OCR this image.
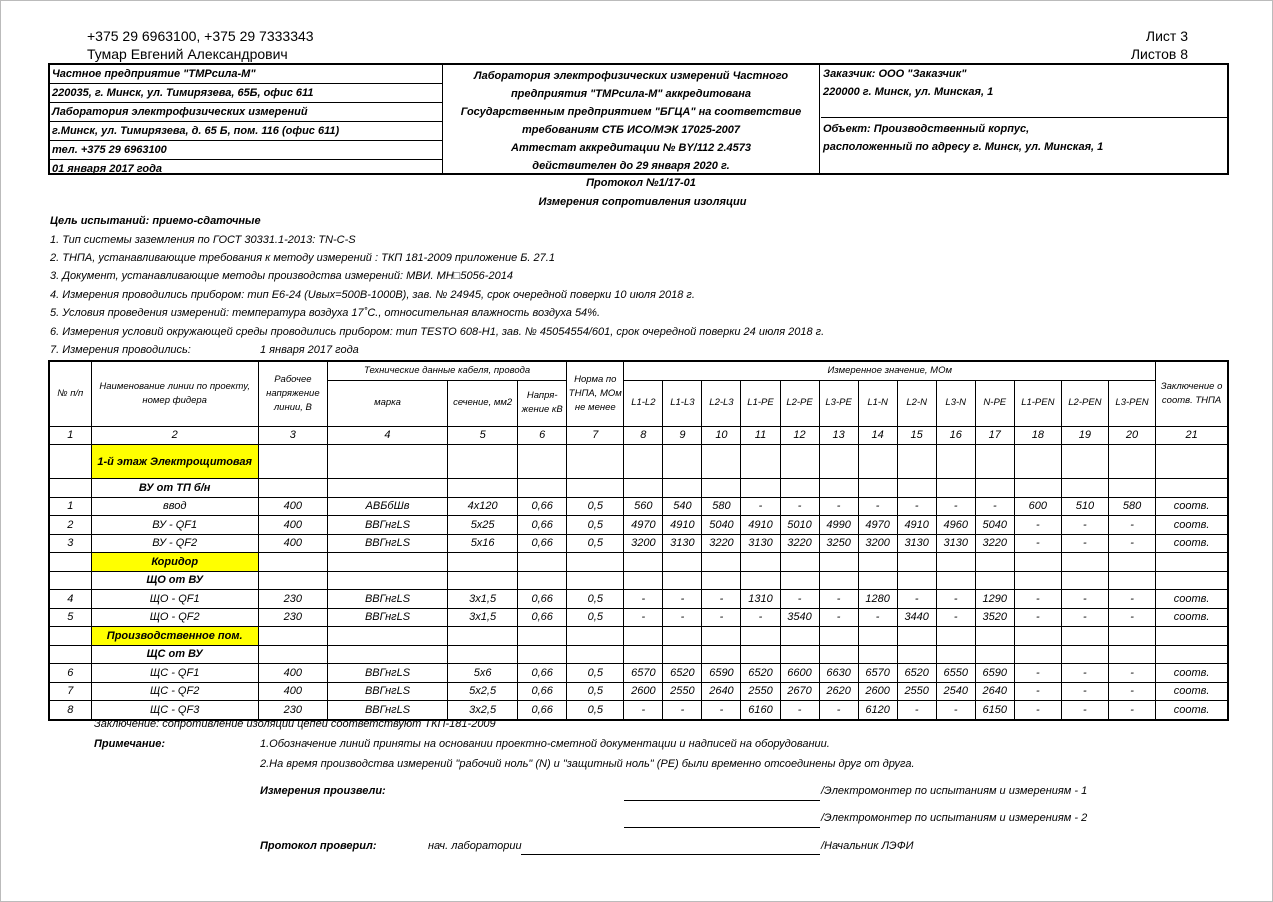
+375 29 6963100, +375 29 7333343
Тумар Евгений Александрович
Лист 3
Листов 8
Частное предприятие "ТМРсила-М"
220035, г. Минск, ул. Тимирязева, 65Б, офис 611
Лаборатория электрофизических измерений
г.Минск, ул. Тимирязева, д. 65 Б, пом. 116 (офис 611)
тел. +375 29 6963100
01 января 2017 года
Лаборатория электрофизических измерений Частного
предприятия "ТМРсила-М" аккредитована
Государственным предприятием "БГЦА" на соответствие
требованиям СТБ ИСО/МЭК 17025-2007
Аттестат аккредитации № BY/112 2.4573
действителен до 29 января 2020 г.
Заказчик: ООО "Заказчик"
220000 г. Минск, ул. Минская, 1
Объект: Производственный корпус,
расположенный по адресу г. Минск, ул. Минская, 1
Протокол №1/17-01
Измерения сопротивления изоляции
Цель испытаний: приемо-сдаточные
1. Тип системы заземления по ГОСТ 30331.1-2013: TN-C-S
2. ТНПА, устанавливающие требования к методу измерений : ТКП 181-2009 приложение Б. 27.1
3. Документ, устанавливающие методы производства измерений: МВИ. МН□5056-2014
4. Измерения проводились прибором: тип Е6-24 (Uвых=500В-1000В), зав. № 24945, срок очередной поверки 10 июля 2018 г.
5. Условия проведения измерений: температура воздуха 17˚С., относительная влажность воздуха 54%.
6. Измерения условий окружающей среды проводились прибором: тип TESTO 608-H1, зав. № 45054554/601, срок очередной поверки 24 июля 2018 г.
7. Измерения проводились:	1 января 2017 года
№ п/п	Наименование линии по проекту, номер фидера	Рабочее напряжение линии, В	Технические данные кабеля, провода			Норма по ТНПА, МОм не менее	Измеренное значение, МОм													Заключение о соотв. ТНПА
			марка	сечение, мм2	Напря-жение кВ		L1-L2	L1-L3	L2-L3	L1-PE	L2-PE	L3-PE	L1-N	L2-N	L3-N	N-PE	L1-PEN	L2-PEN	L3-PEN	
1	2	3	4	5	6	7	8	9	10	11	12	13	14	15	16	17	18	19	20	21
	1-й этаж Электрощитовая																			
	ВУ от ТП б/н																			
1	ввод	400	АВБбШв	4х120	0,66	0,5	560	540	580	-	-	-	-	-	-	-	600	510	580	соотв.
2	ВУ - QF1	400	ВВГнгLS	5х25	0,66	0,5	4970	4910	5040	4910	5010	4990	4970	4910	4960	5040	-	-	-	соотв.
3	ВУ - QF2	400	ВВГнгLS	5х16	0,66	0,5	3200	3130	3220	3130	3220	3250	3200	3130	3130	3220	-	-	-	соотв.
	Коридор																			
	ЩО от ВУ																			
4	ЩО - QF1	230	ВВГнгLS	3х1,5	0,66	0,5	-	-	-	1310	-	-	1280	-	-	1290	-	-	-	соотв.
5	ЩО - QF2	230	ВВГнгLS	3х1,5	0,66	0,5	-	-	-	-	3540	-	-	3440	-	3520	-	-	-	соотв.
	Производственное пом.																			
	ЩС от ВУ																			
6	ЩС - QF1	400	ВВГнгLS	5х6	0,66	0,5	6570	6520	6590	6520	6600	6630	6570	6520	6550	6590	-	-	-	соотв.
7	ЩС - QF2	400	ВВГнгLS	5х2,5	0,66	0,5	2600	2550	2640	2550	2670	2620	2600	2550	2540	2640	-	-	-	соотв.
8	ЩС - QF3	230	ВВГнгLS	3х2,5	0,66	0,5	-	-	-	6160	-	-	6120	-	-	6150	-	-	-	соотв.
Заключение: сопротивление изоляции цепей соответствуют ТКП-181-2009
Примечание:	1.Обозначение линий приняты на основании проектно-сметной документации и надписей на оборудовании.
2.На время производства измерений "рабочий ноль" (N) и "защитный ноль" (PE) были временно отсоединены друг от друга.
Измерения произвели:	/Электромонтер по испытаниям и измерениям - 1
/Электромонтер по испытаниям и измерениям - 2
Протокол проверил:	нач. лаборатории	/Начальник ЛЭФИ
